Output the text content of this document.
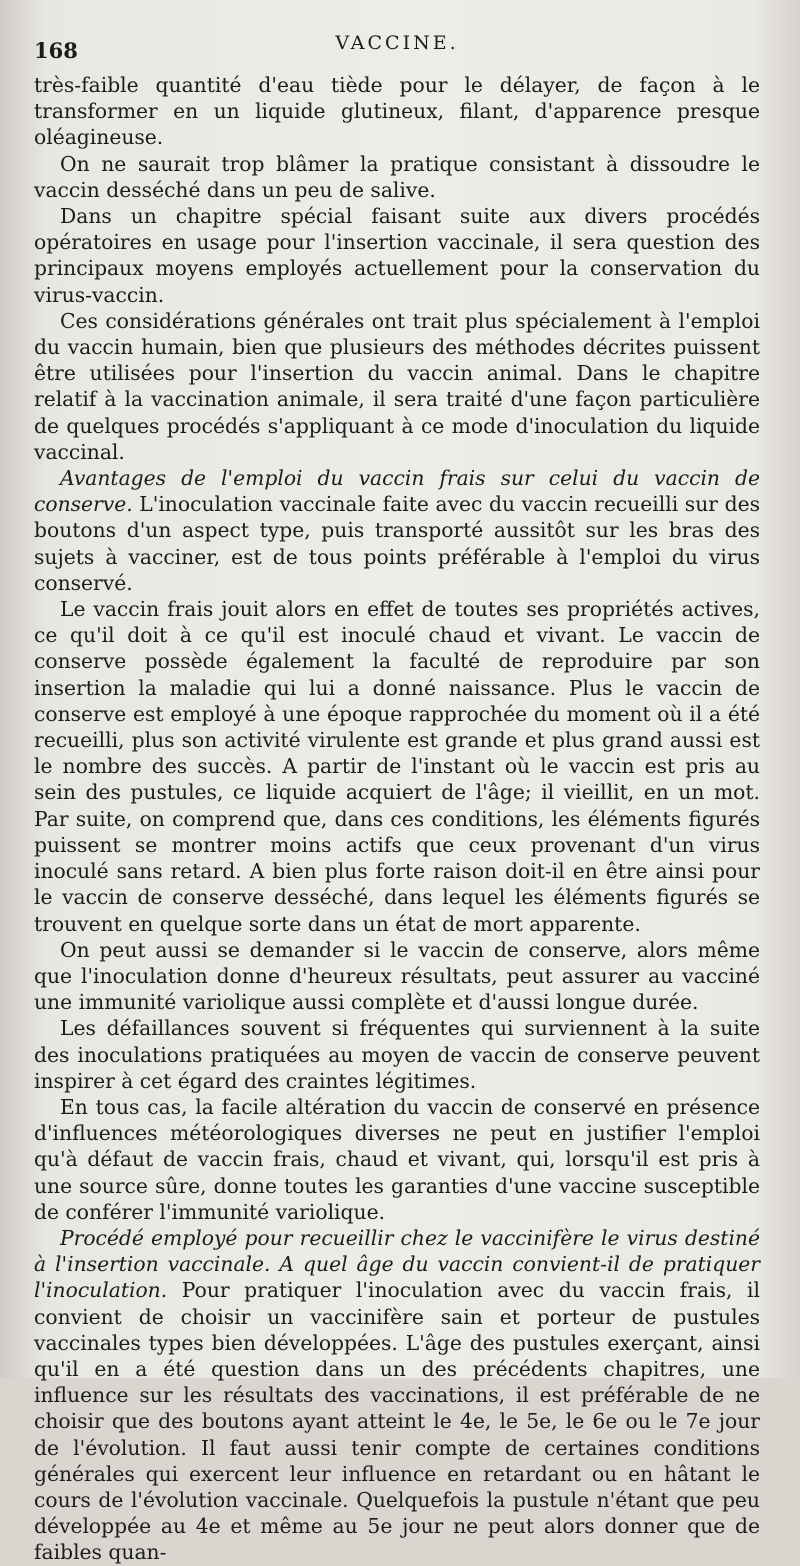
168	VACCINE.

très-faible quantité d'eau tiède pour le délayer, de façon à le transformer en un liquide glutineux, filant, d'apparence presque oléagineuse.

On ne saurait trop blâmer la pratique consistant à dissoudre le vaccin desséché dans un peu de salive.

Dans un chapitre spécial faisant suite aux divers procédés opératoires en usage pour l'insertion vaccinale, il sera question des principaux moyens employés actuellement pour la conservation du virus-vaccin.

Ces considérations générales ont trait plus spécialement à l'emploi du vaccin humain, bien que plusieurs des méthodes décrites puissent être utilisées pour l'insertion du vaccin animal. Dans le chapitre relatif à la vaccination animale, il sera traité d'une façon particulière de quelques procédés s'appliquant à ce mode d'inoculation du liquide vaccinal.

Avantages de l'emploi du vaccin frais sur celui du vaccin de conserve. L'inoculation vaccinale faite avec du vaccin recueilli sur des boutons d'un aspect type, puis transporté aussitôt sur les bras des sujets à vacciner, est de tous points préférable à l'emploi du virus conservé.

Le vaccin frais jouit alors en effet de toutes ses propriétés actives, ce qu'il doit à ce qu'il est inoculé chaud et vivant. Le vaccin de conserve possède également la faculté de reproduire par son insertion la maladie qui lui a donné naissance. Plus le vaccin de conserve est employé à une époque rapprochée du moment où il a été recueilli, plus son activité virulente est grande et plus grand aussi est le nombre des succès. A partir de l'instant où le vaccin est pris au sein des pustules, ce liquide acquiert de l'âge; il vieillit, en un mot. Par suite, on comprend que, dans ces conditions, les éléments figurés puissent se montrer moins actifs que ceux provenant d'un virus inoculé sans retard. A bien plus forte raison doit-il en être ainsi pour le vaccin de conserve desséché, dans lequel les éléments figurés se trouvent en quelque sorte dans un état de mort apparente.

On peut aussi se demander si le vaccin de conserve, alors même que l'inoculation donne d'heureux résultats, peut assurer au vacciné une immunité variolique aussi complète et d'aussi longue durée.

Les défaillances souvent si fréquentes qui surviennent à la suite des inoculations pratiquées au moyen de vaccin de conserve peuvent inspirer à cet égard des craintes légitimes.

En tous cas, la facile altération du vaccin de conservé en présence d'influences météorologiques diverses ne peut en justifier l'emploi qu'à défaut de vaccin frais, chaud et vivant, qui, lorsqu'il est pris à une source sûre, donne toutes les garanties d'une vaccine susceptible de conférer l'immunité variolique.

Procédé employé pour recueillir chez le vaccinifère le virus destiné à l'insertion vaccinale. A quel âge du vaccin convient-il de pratiquer l'inoculation. Pour pratiquer l'inoculation avec du vaccin frais, il convient de choisir un vaccinifère sain et porteur de pustules vaccinales types bien développées. L'âge des pustules exerçant, ainsi qu'il en a été question dans un des précédents chapitres, une influence sur les résultats des vaccinations, il est préférable de ne choisir que des boutons ayant atteint le 4e, le 5e, le 6e ou le 7e jour de l'évolution. Il faut aussi tenir compte de certaines conditions générales qui exercent leur influence en retardant ou en hâtant le cours de l'évolution vaccinale. Quelquefois la pustule n'étant que peu développée au 4e et même au 5e jour ne peut alors donner que de faibles quan-
